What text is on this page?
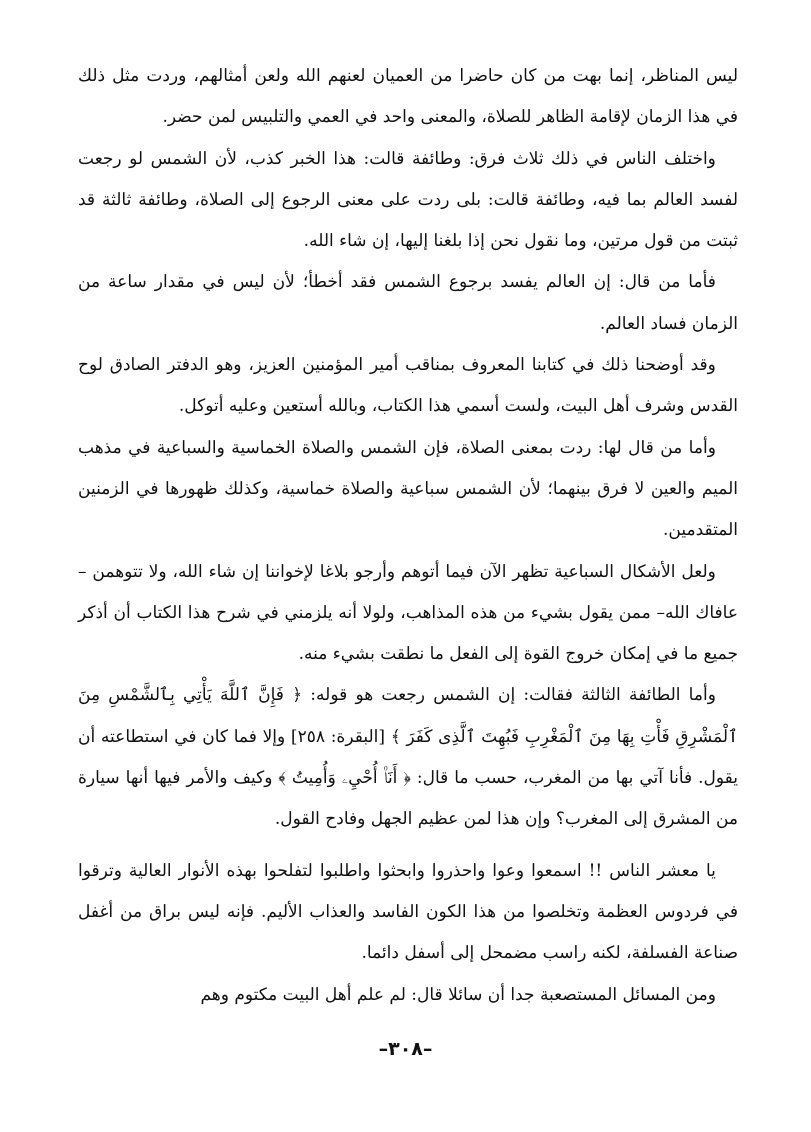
ليس المناظر، إنما بهت من كان حاضرا من العميان لعنهم الله ولعن أمثالهم، وردت مثل ذلك في هذا الزمان لإقامة الظاهر للصلاة، والمعنى واحد في العمي والتلبيس لمن حضر.

واختلف الناس في ذلك ثلاث فرق: وطائفة قالت: هذا الخبر كذب، لأن الشمس لو رجعت لفسد العالم بما فيه، وطائفة قالت: بلى ردت على معنى الرجوع إلى الصلاة، وطائفة ثالثة قد ثبتت من قول مرتين، وما نقول نحن إذا بلغنا إليها، إن شاء الله.

فأما من قال: إن العالم يفسد برجوع الشمس فقد أخطأ؛ لأن ليس في مقدار ساعة من الزمان فساد العالم.

وقد أوضحنا ذلك في كتابنا المعروف بمناقب أمير المؤمنين العزيز، وهو الدفتر الصادق لوح القدس وشرف أهل البيت، ولست أسمي هذا الكتاب، وبالله أستعين وعليه أتوكل.

وأما من قال لها: ردت بمعنى الصلاة، فإن الشمس والصلاة الخماسية والسباعية في مذهب الميم والعين لا فرق بينهما؛ لأن الشمس سباعية والصلاة خماسية، وكذلك ظهورها في الزمنين المتقدمين.

ولعل الأشكال السباعية تظهر الآن فيما أتوهم وأرجو بلاغا لإخواننا إن شاء الله، ولا تتوهمن – عافاك الله– ممن يقول بشيء من هذه المذاهب، ولولا أنه يلزمني في شرح هذا الكتاب أن أذكر جميع ما في إمكان خروج القوة إلى الفعل ما نطقت بشيء منه.

وأما الطائفة الثالثة فقالت: إن الشمس رجعت هو قوله: ﴿ فَإِنَّ ٱللَّهَ يَأْتِي بِٱلشَّمْسِ مِنَ ٱلْمَشْرِقِ فَأْتِ بِهَا مِنَ ٱلْمَغْرِبِ فَبُهِتَ ٱلَّذِى كَفَرَ ﴾ [البقرة: ٢٥٨] وإلا فما كان في استطاعته أن يقول. فأنا آتي بها من المغرب، حسب ما قال: ﴿ أَنَا۠ أُحْيِۦ وَأُمِيتُ ﴾ وكيف والأمر فيها أنها سيارة من المشرق إلى المغرب؟ وإن هذا لمن عظيم الجهل وفادح القول.

يا معشر الناس !! اسمعوا وعوا واحذروا وابحثوا واطلبوا لتفلحوا بهذه الأنوار العالية وترقوا في فردوس العظمة وتخلصوا من هذا الكون الفاسد والعذاب الأليم. فإنه ليس براق من أغفل صناعة الفسلفة، لكنه راسب مضمحل إلى أسفل دائما.

ومن المسائل المستصعبة جدا أن سائلا قال: لم علم أهل البيت مكتوم وهم

–٣٠٨–
